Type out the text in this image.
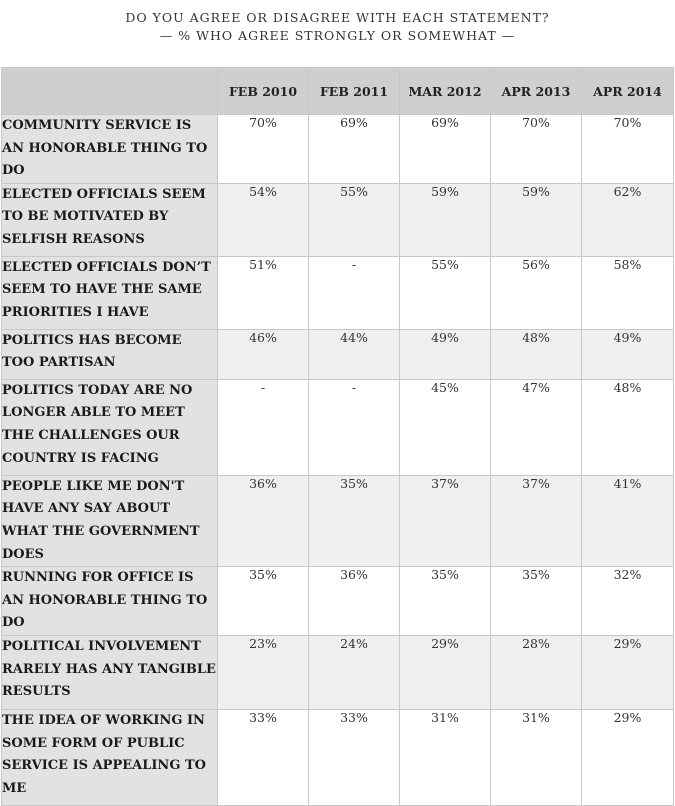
DO YOU AGREE OR DISAGREE WITH EACH STATEMENT?
— % WHO AGREE STRONGLY OR SOMEWHAT —
	FEB 2010	FEB 2011	MAR 2012	APR 2013	APR 2014
COMMUNITY SERVICE IS AN HONORABLE THING TO DO	70%	69%	69%	70%	70%
ELECTED OFFICIALS SEEM TO BE MOTIVATED BY SELFISH REASONS	54%	55%	59%	59%	62%
ELECTED OFFICIALS DON’T SEEM TO HAVE THE SAME PRIORITIES I HAVE	51%	-	55%	56%	58%
POLITICS HAS BECOME TOO PARTISAN	46%	44%	49%	48%	49%
POLITICS TODAY ARE NO LONGER ABLE TO MEET THE CHALLENGES OUR COUNTRY IS FACING	-	-	45%	47%	48%
PEOPLE LIKE ME DON'T HAVE ANY SAY ABOUT WHAT THE GOVERNMENT DOES	36%	35%	37%	37%	41%
RUNNING FOR OFFICE IS AN HONORABLE THING TO DO	35%	36%	35%	35%	32%
POLITICAL INVOLVEMENT RARELY HAS ANY TANGIBLE RESULTS	23%	24%	29%	28%	29%
THE IDEA OF WORKING IN SOME FORM OF PUBLIC SERVICE IS APPEALING TO ME	33%	33%	31%	31%	29%
